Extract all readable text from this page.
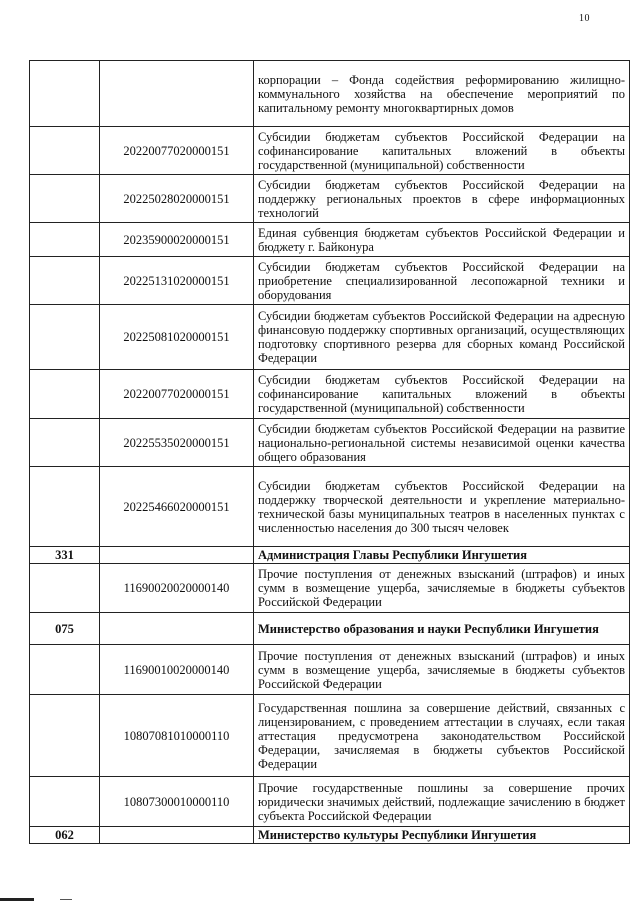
10

		корпорации – Фонда содействия реформированию жилищно-коммунального хозяйства на обеспечение мероприятий по капитальному ремонту многоквартирных домов

	20220077020000151	Субсидии бюджетам субъектов Российской Федерации на софинансирование капитальных вложений в объекты государственной (муниципальной) собственности

	20225028020000151	Субсидии бюджетам субъектов Российской Федерации на поддержку региональных проектов в сфере информационных технологий

	20235900020000151	Единая субвенция бюджетам субъектов Российской Федерации и бюджету г. Байконура

	20225131020000151	Субсидии бюджетам субъектов Российской Федерации на приобретение специализированной лесопожарной техники и оборудования

	20225081020000151	Субсидии бюджетам субъектов Российской Федерации на адресную финансовую поддержку спортивных организаций, осуществляющих подготовку спортивного резерва для сборных команд Российской Федерации

	20220077020000151	Субсидии бюджетам субъектов Российской Федерации на софинансирование капитальных вложений в объекты государственной (муниципальной) собственности

	20225535020000151	Субсидии бюджетам субъектов Российской Федерации на развитие национально-региональной системы независимой оценки качества общего образования

	20225466020000151	Субсидии бюджетам субъектов Российской Федерации на поддержку творческой деятельности и укрепление материально-технической базы муниципальных театров в населенных пунктах с численностью населения до 300 тысяч человек

331		Администрация Главы Республики Ингушетия

	11690020020000140	Прочие поступления от денежных взысканий (штрафов) и иных сумм в возмещение ущерба, зачисляемые в бюджеты субъектов Российской Федерации

075		Министерство образования и науки Республики Ингушетия

	11690010020000140	Прочие поступления от денежных взысканий (штрафов) и иных сумм в возмещение ущерба, зачисляемые в бюджеты субъектов Российской Федерации

	10807081010000110	Государственная пошлина за совершение действий, связанных с лицензированием, с проведением аттестации в случаях, если такая аттестация предусмотрена законодательством Российской Федерации, зачисляемая в бюджеты субъектов Российской Федерации

	10807300010000110	Прочие государственные пошлины за совершение прочих юридически значимых действий, подлежащие зачислению в бюджет субъекта Российской Федерации

062		Министерство культуры Республики Ингушетия
